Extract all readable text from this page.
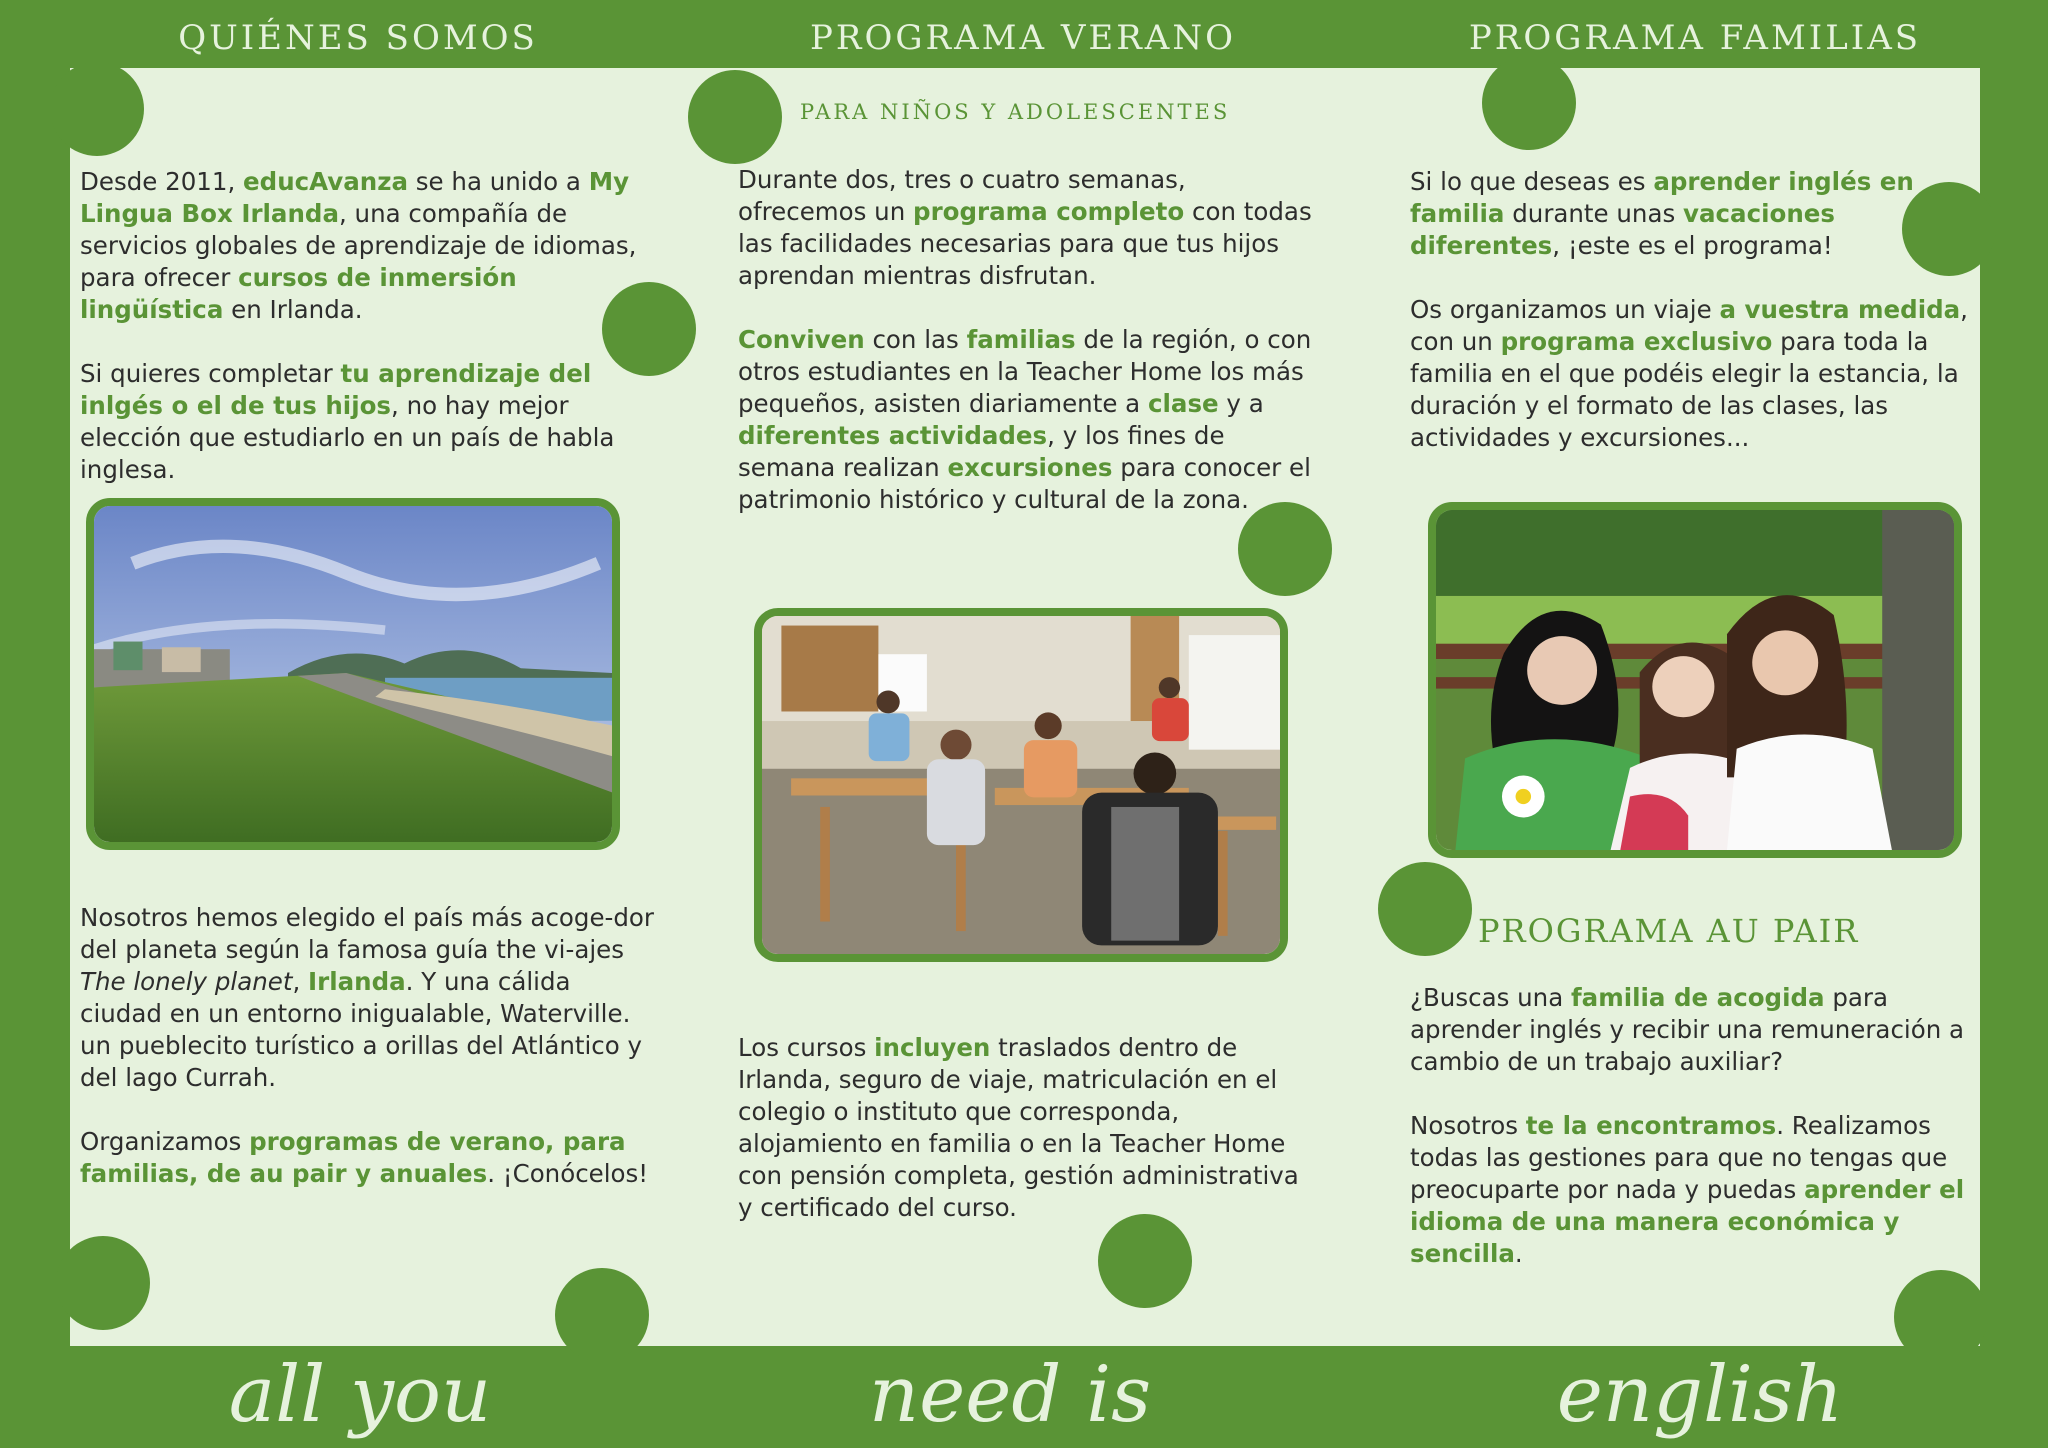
QUIÉNES SOMOS	PROGRAMA VERANO	PROGRAMA FAMILIAS

Desde 2011, educAvanza se ha unido a My Lingua Box Irlanda, una compañía de servicios globales de aprendizaje de idiomas, para ofrecer cursos de inmersión lingüística en Irlanda.

Si quieres completar tu aprendizaje del inlgés o el de tus hijos, no hay mejor elección que estudiarlo en un país de habla inglesa.

Nosotros hemos elegido el país más acoge-dor del planeta según la famosa guía the vi-ajes The lonely planet, Irlanda. Y una cálida ciudad en un entorno inigualable, Waterville. un pueblecito turístico a orillas del Atlántico y del lago Currah.

Organizamos programas de verano, para familias, de au pair y anuales. ¡Conócelos!

PARA NIÑOS Y ADOLESCENTES

Durante dos, tres o cuatro semanas, ofrecemos un programa completo con todas las facilidades necesarias para que tus hijos aprendan mientras disfrutan.

Conviven con las familias de la región, o con otros estudiantes en la Teacher Home los más pequeños, asisten diariamente a clase y a diferentes actividades, y los fines de semana realizan excursiones para conocer el patrimonio histórico y cultural de la zona.

Los cursos incluyen traslados dentro de Irlanda, seguro de viaje, matriculación en el colegio o instituto que corresponda, alojamiento en familia o en la Teacher Home con pensión completa, gestión administrativa y certificado del curso.

Si lo que deseas es aprender inglés en familia durante unas vacaciones diferentes, ¡este es el programa!

Os organizamos un viaje a vuestra medida, con un programa exclusivo para toda la familia en el que podéis elegir la estancia, la duración y el formato de las clases, las actividades y excursiones...

PROGRAMA AU PAIR

¿Buscas una familia de acogida para aprender inglés y recibir una remuneración a cambio de un trabajo auxiliar?

Nosotros te la encontramos. Realizamos todas las gestiones para que no tengas que preocuparte por nada y puedas aprender el idioma de una manera económica y sencilla.

all you	need is	english
